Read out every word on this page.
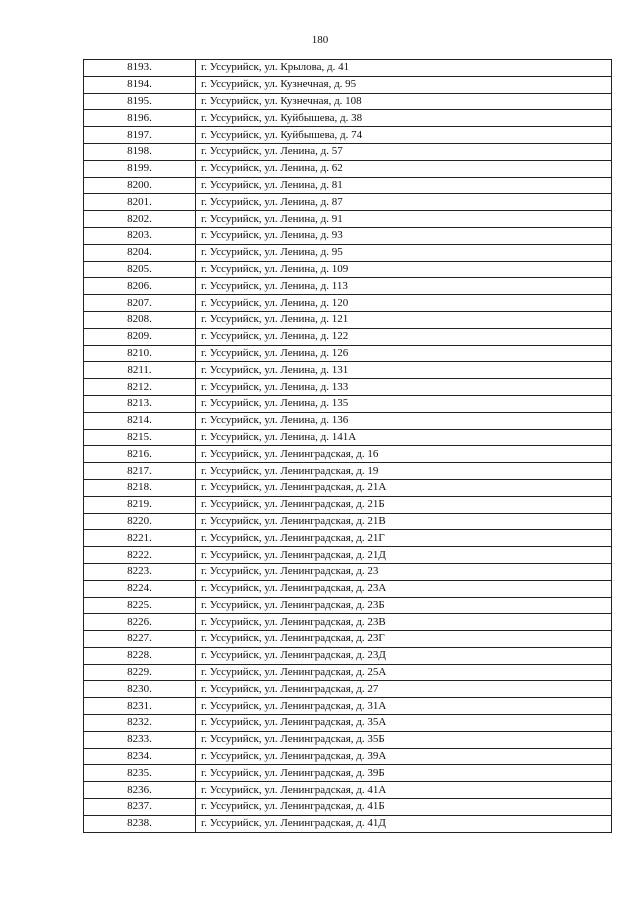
180
8193.	г. Уссурийск, ул. Крылова, д. 41
8194.	г. Уссурийск, ул. Кузнечная, д. 95
8195.	г. Уссурийск, ул. Кузнечная, д. 108
8196.	г. Уссурийск, ул. Куйбышева, д. 38
8197.	г. Уссурийск, ул. Куйбышева, д. 74
8198.	г. Уссурийск, ул. Ленина, д. 57
8199.	г. Уссурийск, ул. Ленина, д. 62
8200.	г. Уссурийск, ул. Ленина, д. 81
8201.	г. Уссурийск, ул. Ленина, д. 87
8202.	г. Уссурийск, ул. Ленина, д. 91
8203.	г. Уссурийск, ул. Ленина, д. 93
8204.	г. Уссурийск, ул. Ленина, д. 95
8205.	г. Уссурийск, ул. Ленина, д. 109
8206.	г. Уссурийск, ул. Ленина, д. 113
8207.	г. Уссурийск, ул. Ленина, д. 120
8208.	г. Уссурийск, ул. Ленина, д. 121
8209.	г. Уссурийск, ул. Ленина, д. 122
8210.	г. Уссурийск, ул. Ленина, д. 126
8211.	г. Уссурийск, ул. Ленина, д. 131
8212.	г. Уссурийск, ул. Ленина, д. 133
8213.	г. Уссурийск, ул. Ленина, д. 135
8214.	г. Уссурийск, ул. Ленина, д. 136
8215.	г. Уссурийск, ул. Ленина, д. 141А
8216.	г. Уссурийск, ул. Ленинградская, д. 16
8217.	г. Уссурийск, ул. Ленинградская, д. 19
8218.	г. Уссурийск, ул. Ленинградская, д. 21А
8219.	г. Уссурийск, ул. Ленинградская, д. 21Б
8220.	г. Уссурийск, ул. Ленинградская, д. 21В
8221.	г. Уссурийск, ул. Ленинградская, д. 21Г
8222.	г. Уссурийск, ул. Ленинградская, д. 21Д
8223.	г. Уссурийск, ул. Ленинградская, д. 23
8224.	г. Уссурийск, ул. Ленинградская, д. 23А
8225.	г. Уссурийск, ул. Ленинградская, д. 23Б
8226.	г. Уссурийск, ул. Ленинградская, д. 23В
8227.	г. Уссурийск, ул. Ленинградская, д. 23Г
8228.	г. Уссурийск, ул. Ленинградская, д. 23Д
8229.	г. Уссурийск, ул. Ленинградская, д. 25А
8230.	г. Уссурийск, ул. Ленинградская, д. 27
8231.	г. Уссурийск, ул. Ленинградская, д. 31А
8232.	г. Уссурийск, ул. Ленинградская, д. 35А
8233.	г. Уссурийск, ул. Ленинградская, д. 35Б
8234.	г. Уссурийск, ул. Ленинградская, д. 39А
8235.	г. Уссурийск, ул. Ленинградская, д. 39Б
8236.	г. Уссурийск, ул. Ленинградская, д. 41А
8237.	г. Уссурийск, ул. Ленинградская, д. 41Б
8238.	г. Уссурийск, ул. Ленинградская, д. 41Д
